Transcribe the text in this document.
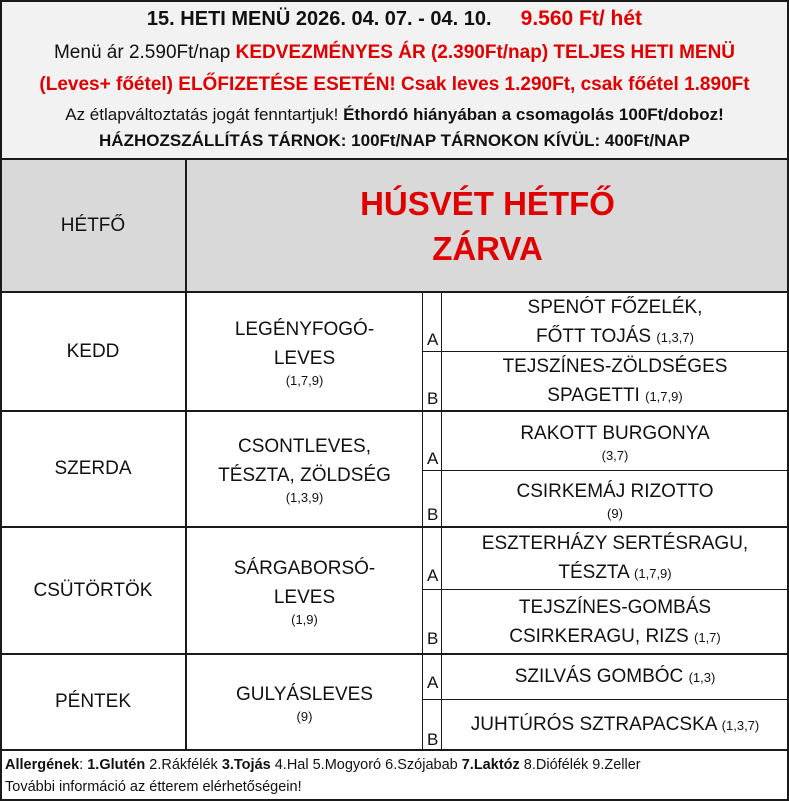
15. HETI MENÜ 2026. 04. 07. - 04. 10. 9.560 Ft/ hét
Menü ár 2.590Ft/nap KEDVEZMÉNYES ÁR (2.390Ft/nap) TELJES HETI MENÜ
(Leves+ főétel) ELŐFIZETÉSE ESETÉN! Csak leves 1.290Ft, csak főétel 1.890Ft
Az étlapváltoztatás jogát fenntartjuk! Éthordó hiányában a csomagolás 100Ft/doboz!
HÁZHOZSZÁLLÍTÁS TÁRNOK: 100Ft/NAP TÁRNOKON KÍVÜL: 400Ft/NAP
HÉTFŐ
HÚSVÉT HÉTFŐ
ZÁRVA
KEDD
LEGÉNYFOGÓ-
LEVES
(1,7,9)
A
B
SPENÓT FŐZELÉK,
FŐTT TOJÁS (1,3,7)
TEJSZÍNES-ZÖLDSÉGES
SPAGETTI (1,7,9)
SZERDA
CSONTLEVES,
TÉSZTA, ZÖLDSÉG
(1,3,9)
A
B
RAKOTT BURGONYA
(3,7)
CSIRKEMÁJ RIZOTTO
(9)
CSÜTÖRTÖK
SÁRGABORSÓ-
LEVES
(1,9)
A
B
ESZTERHÁZY SERTÉSRAGU,
TÉSZTA (1,7,9)
TEJSZÍNES-GOMBÁS
CSIRKERAGU, RIZS (1,7)
PÉNTEK	GULYÁSLEVES
(9)
A
B
SZILVÁS GOMBÓC (1,3)
JUHTÚRÓS SZTRAPACSKA (1,3,7)
Allergének: 1.Glutén 2.Rákfélék 3.Tojás 4.Hal 5.Mogyoró 6.Szójabab 7.Laktóz 8.Diófélék 9.Zeller
További információ az étterem elérhetőségein!
